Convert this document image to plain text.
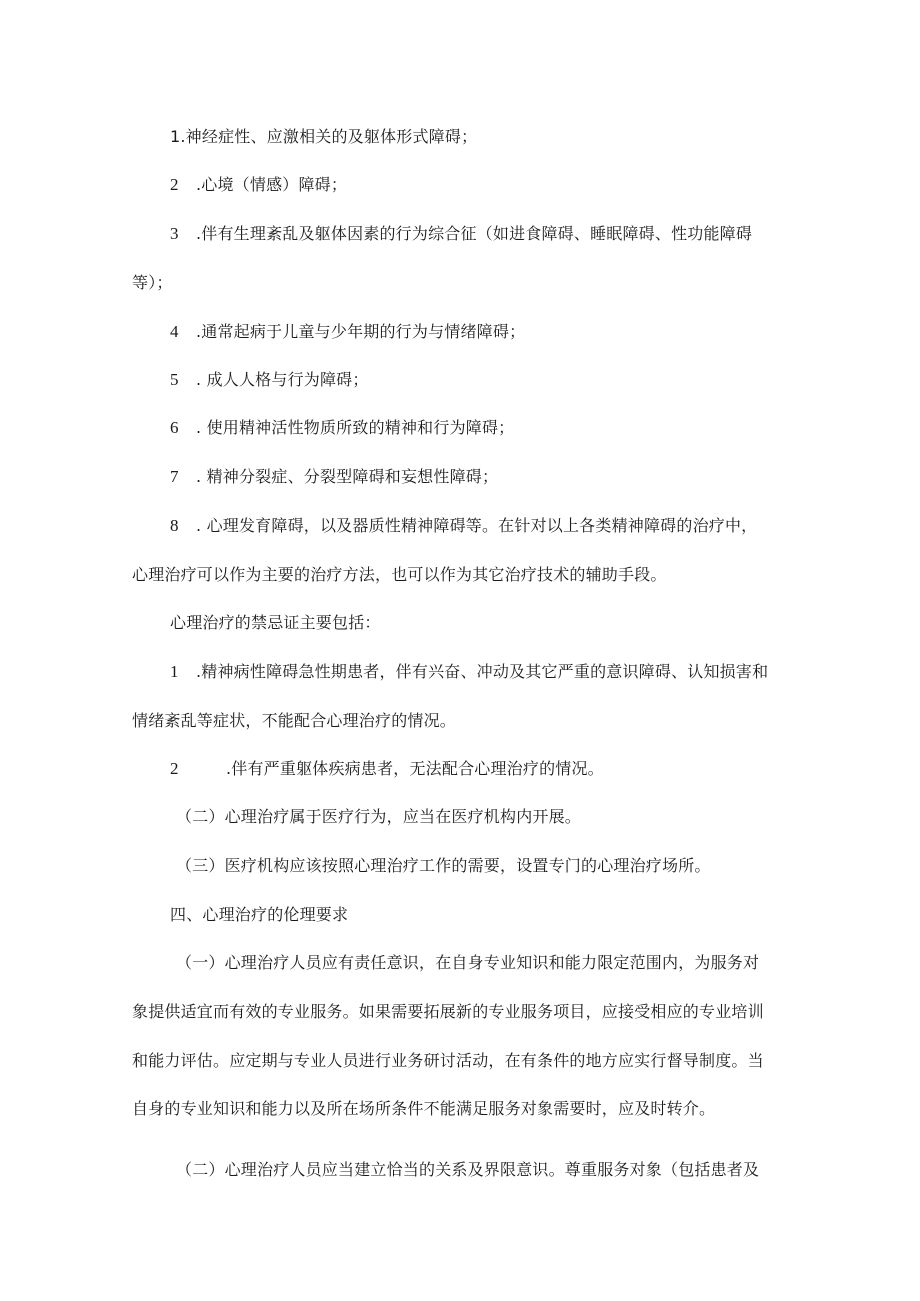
1.神经症性、应激相关的及躯体形式障碍；
2 .心境（情感）障碍；
3 .伴有生理紊乱及躯体因素的行为综合征（如进食障碍、睡眠障碍、性功能障碍
等）；
4 .通常起病于儿童与少年期的行为与情绪障碍；
5 . 成人人格与行为障碍；
6 . 使用精神活性物质所致的精神和行为障碍；
7 . 精神分裂症、分裂型障碍和妄想性障碍；
8 . 心理发育障碍，以及器质性精神障碍等。在针对以上各类精神障碍的治疗中，
心理治疗可以作为主要的治疗方法，也可以作为其它治疗技术的辅助手段。
心理治疗的禁忌证主要包括：
1 .精神病性障碍急性期患者，伴有兴奋、冲动及其它严重的意识障碍、认知损害和
情绪紊乱等症状，不能配合心理治疗的情况。
2	.伴有严重躯体疾病患者，无法配合心理治疗的情况。
（二）心理治疗属于医疗行为，应当在医疗机构内开展。
（三）医疗机构应该按照心理治疗工作的需要，设置专门的心理治疗场所。
四、心理治疗的伦理要求
（一）心理治疗人员应有责任意识，在自身专业知识和能力限定范围内，为服务对
象提供适宜而有效的专业服务。如果需要拓展新的专业服务项目，应接受相应的专业培训
和能力评估。应定期与专业人员进行业务研讨活动，在有条件的地方应实行督导制度。当
自身的专业知识和能力以及所在场所条件不能满足服务对象需要时，应及时转介。
（二）心理治疗人员应当建立恰当的关系及界限意识。尊重服务对象（包括患者及
